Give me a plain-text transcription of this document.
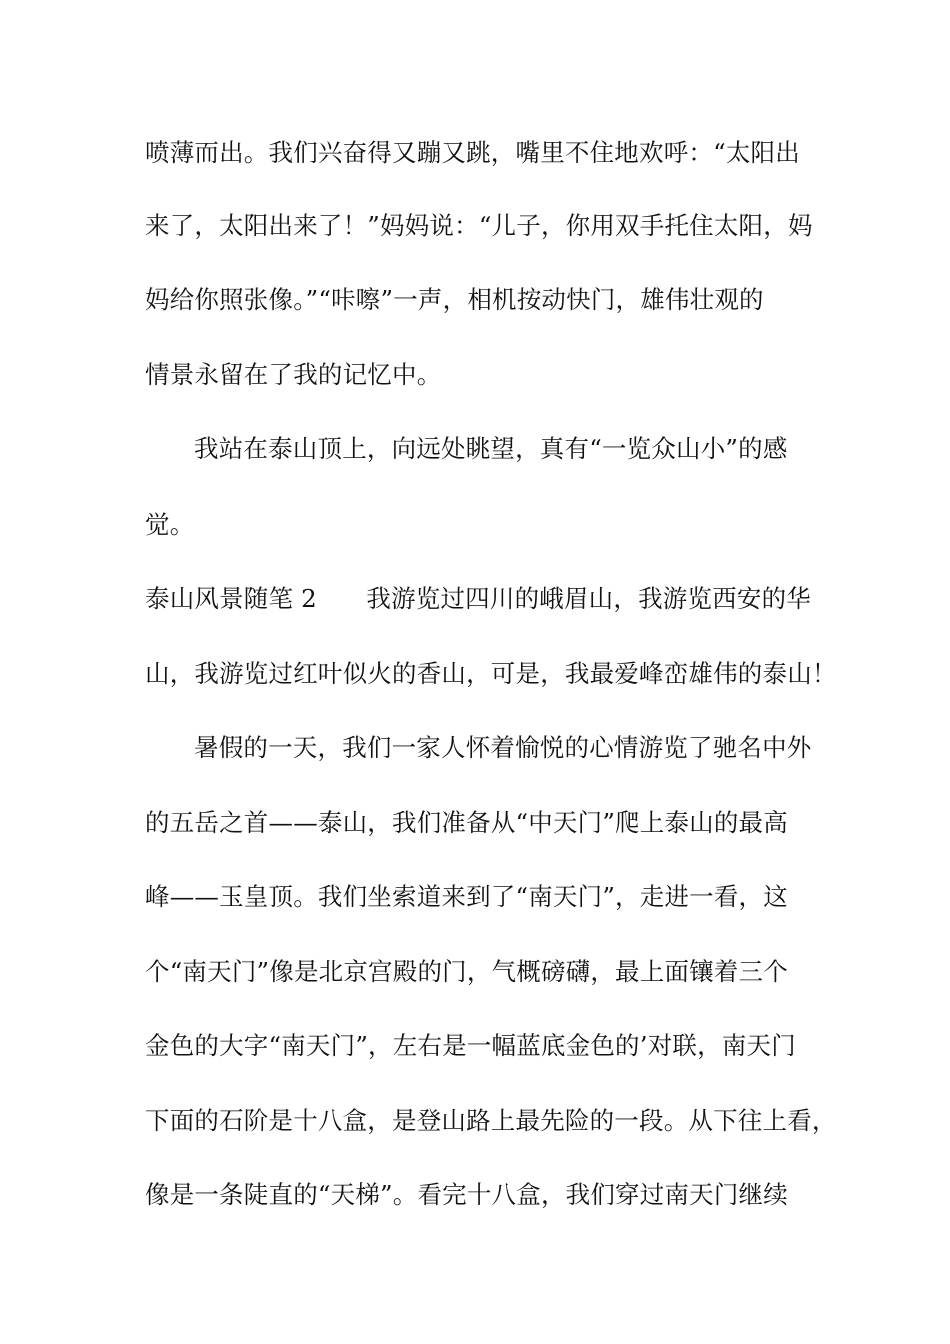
喷薄而出。我们兴奋得又蹦又跳，嘴里不住地欢呼：“太阳出

来了，太阳出来了！”妈妈说：“儿子，你用双手托住太阳，妈

妈给你照张像。”“咔嚓”一声，相机按动快门，雄伟壮观的

情景永留在了我的记忆中。

我站在泰山顶上，向远处眺望，真有“一览众山小”的感

觉。

泰山风景随笔 2　　我游览过四川的峨眉山，我游览西安的华

山，我游览过红叶似火的香山，可是，我最爱峰峦雄伟的泰山！

暑假的一天，我们一家人怀着愉悦的心情游览了驰名中外

的五岳之首——泰山，我们准备从“中天门”爬上泰山的最高

峰——玉皇顶。我们坐索道来到了“南天门”，走进一看，这

个“南天门”像是北京宫殿的门，气概磅礴，最上面镶着三个

金色的大字“南天门”，左右是一幅蓝底金色的’对联，南天门

下面的石阶是十八盒，是登山路上最先险的一段。从下往上看，

像是一条陡直的“天梯”。看完十八盒，我们穿过南天门继续
